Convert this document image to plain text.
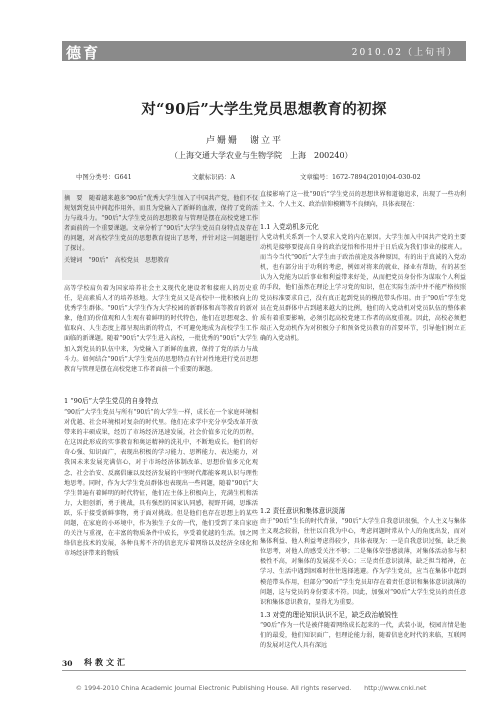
德育	2010.02（上旬刊）
对“90后”大学生党员思想教育的初探
卢姗姗　谢立平
（上海交通大学农业与生物学院　上海　200240）
中图分类号：G641	文献标识码：A	文章编号：1672-7894(2010)04-030-02

摘　要　随着越来越多“90后”优秀大学生加入了中国共产党，他们不仅规划到党员中间起作用外，而且为党输入了新鲜的血液，保持了党的活力与战斗力。“90后”大学生党员的思想教育与管理是摆在高校党建工作者面前的一个重要课题。文章分析了“90后”大学生党员自身特点及存在的问题，对高校学生党员的思想教育提出了思考，并针对这一问题进行了探讨。

关键词　“90后”　高校党员　思想教育

高等学校肩负着为国家培养社会主义现代化建设者和接班人的历史重任，是高素质人才的培养基地。大学生党员又是高校中一批积极向上的优秀学生群体。“90后”大学生作为大学校园的新群体和高等教育的新对象，他们的价值观和人生观有着鲜明的时代特色，他们在思想观念、价值取向、人生态度上都呈现出新的特点，不可避免地成为高校学生工作面临的新课题。随着“90后”大学生进入高校，一批优秀的“90后”大学生加入到党员的队伍中来，为党输入了新鲜的血液，保持了党的活力与战斗力。如何结合“90后”大学生党员的思想特点有针对性地进行党员思想教育与管理是摆在高校党建工作者面前一个重要的课题。

1 “90后”大学生党员的自身特点

“90后”大学生党员与所有“90后”的大学生一样，成长在一个家庭环境相对优越、社会环境相对复杂的时代里。他们在求学中充分享受改革开放带来的丰硕成果，经历了市场经济迅速发展，社会价值多元化的历程，在这因此形成的实事教育和奥运精神的洗礼中，不断地成长。他们的好奇心强、知识面广，表现出积极的学习能力、思辨能力、表达能力，对我国未来发展充满信心，对于市场经济体制改革、思想价值多元化观念、社会治安、反腐倡廉以及经济发展的中坚时代都能客观认识与理性地思考。同时，作为大学生党员群体也表现出一些问题，随着“90后”大学生普遍有着鲜明的时代特征，他们在主体上积极向上，充满生机和活力，大胆创新，勇于挑战，具有强烈的国家认同感，视野开阔，思维活跃，乐于接受新鲜事物，勇于面对挑战。但是他们也存在思想上的某些问题，在家庭的小环境中，作为独生子女的一代，他们受到了来自家庭的关注与重视，在丰富的物质条件中成长，享受着优越的生活。加之网络信息技术的发展，各种良莠不齐的信息充斥着网络以及经济全球化和市场经济带来的物质

直接影响了这一批“90后”学生党员的思想世界和道德追求，出现了一些功利主义、个人主义、政治信仰模糊等不良倾向，具体表现在：

1.1 入党动机多元化

入党动机关系到一个人要求入党的内在原因。大学生加入中国共产党的主要动机是接够要提高自身的政治觉悟和作用并于日后成为我们事业的接班人。而当今当代“90后”大学生由于政治前途及各种原因，有的出于真诚的入党动机，也有部分出于功利的考虑，例如对将来的就业、择业有帮助，有的甚至认为入党能为以后事业和利益带来好处，从而把党员身份作为谋取个人利益的手段，他们虽然在理论上学习党的知识，但在实际生活中并不能严格按照党员标准要求自己，没有真正起到党员的模范带头作用。由于“90后”学生党员在党员群体中占到越来越大的比例，他们的入党动机对党员队伍的整体素质有着重要影响，必须引起高校党建工作者的高度重视。因此，高校必须把端正入党动机作为对积极分子和预备党员教育的首要环节，引导他们树立正确的入党动机。

1.2 责任意识和集体意识淡薄

由于“90后”生长的时代背景，“90后”大学生自我意识很强，个人主义与集体主义观念较弱，往往以自我为中心，考虑问题时常从个人的角度出发，而对集体利益、他人利益考虑得较少，具体表现为：一是自我意识过强，缺乏换位思考，对他人的感受关注不够；二是集体荣誉感淡薄，对集体活动参与积极性不高，对集体的发展漠不关心；三是责任意识淡薄，缺乏担当精神，在学习、生活中遇到困难时往往选择逃避。作为学生党员，应当在集体中起到模范带头作用，但部分“90后”学生党员却存在着责任意识和集体意识淡薄的问题，这与党员的身份要求不符。因此，加强对“90后”大学生党员的责任意识和集体意识教育，显得尤为重要。

1.3 对党的理论知识认识不足，缺乏政治敏锐性

“90后”作为一代是被伴随着网络成长起来的一代，武装小说，校园言情是他们的最爱，他们知识面广，但理论能力弱，随着信息化时代的来临，互联网的发展对这代人具有深远

30 科教文汇
© 1994-2010 China Academic Journal Electronic Publishing House. All rights reserved.　　http://www.cnki.net
